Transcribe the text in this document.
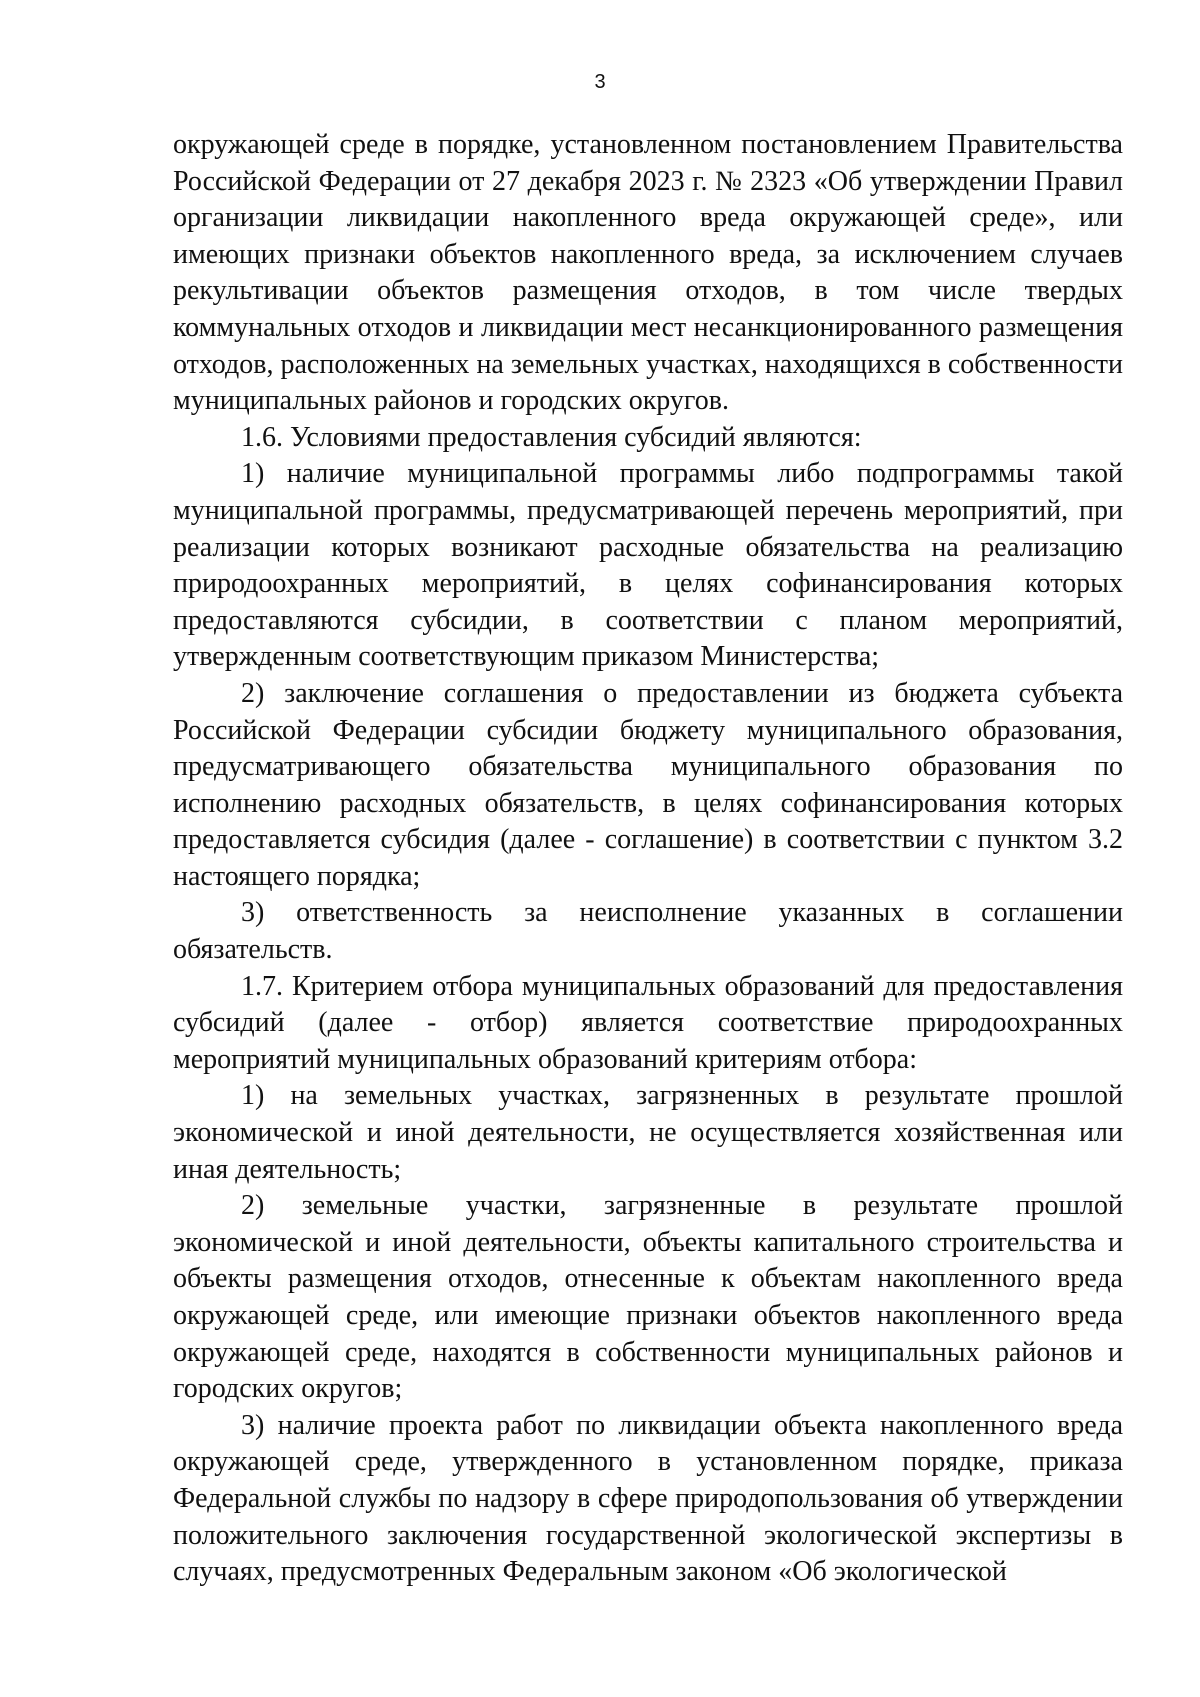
3

окружающей среде в порядке, установленном постановлением Правительства Российской Федерации от 27 декабря 2023 г. № 2323 «Об утверждении Правил организации ликвидации накопленного вреда окружающей среде», или имеющих признаки объектов накопленного вреда, за исключением случаев рекультивации объектов размещения отходов, в том числе твердых коммунальных отходов и ликвидации мест несанкционированного размещения отходов, расположенных на земельных участках, находящихся в собственности муниципальных районов и городских округов.

1.6. Условиями предоставления субсидий являются:

1) наличие муниципальной программы либо подпрограммы такой муниципальной программы, предусматривающей перечень мероприятий, при реализации которых возникают расходные обязательства на реализацию природоохранных мероприятий, в целях софинансирования которых предоставляются субсидии, в соответствии с планом мероприятий, утвержденным соответствующим приказом Министерства;

2) заключение соглашения о предоставлении из бюджета субъекта Российской Федерации субсидии бюджету муниципального образования, предусматривающего обязательства муниципального образования по исполнению расходных обязательств, в целях софинансирования которых предоставляется субсидия (далее - соглашение) в соответствии с пунктом 3.2 настоящего порядка;

3) ответственность за неисполнение указанных в соглашении обязательств.

1.7. Критерием отбора муниципальных образований для предоставления субсидий (далее - отбор) является соответствие природоохранных мероприятий муниципальных образований критериям отбора:

1) на земельных участках, загрязненных в результате прошлой экономической и иной деятельности, не осуществляется хозяйственная или иная деятельность;

2) земельные участки, загрязненные в результате прошлой экономической и иной деятельности, объекты капитального строительства и объекты размещения отходов, отнесенные к объектам накопленного вреда окружающей среде, или имеющие признаки объектов накопленного вреда окружающей среде, находятся в собственности муниципальных районов и городских округов;

3) наличие проекта работ по ликвидации объекта накопленного вреда окружающей среде, утвержденного в установленном порядке, приказа Федеральной службы по надзору в сфере природопользования об утверждении положительного заключения государственной экологической экспертизы в случаях, предусмотренных Федеральным законом «Об экологической
